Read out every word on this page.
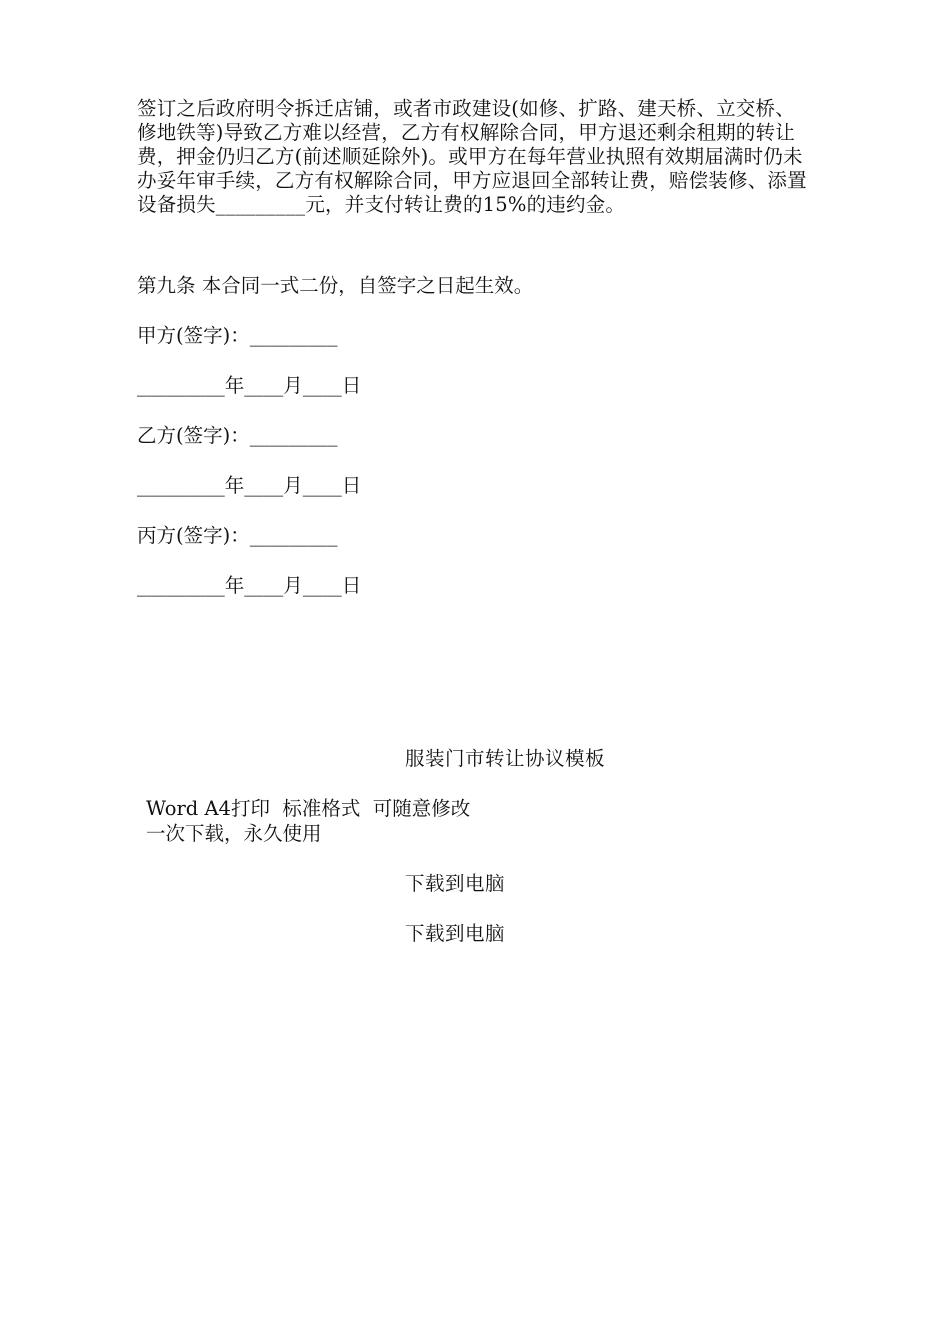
签订之后政府明令拆迁店铺，或者市政建设(如修、扩路、建天桥、立交桥、修地铁等)导致乙方难以经营，乙方有权解除合同，甲方退还剩余租期的转让费，押金仍归乙方(前述顺延除外)。或甲方在每年营业执照有效期届满时仍未办妥年审手续，乙方有权解除合同，甲方应退回全部转让费，赔偿装修、添置设备损失_________元，并支付转让费的15%的违约金。
第九条 本合同一式二份，自签字之日起生效。
甲方(签字)：_________
_________年____月____日
乙方(签字)：_________
_________年____月____日
丙方(签字)：_________
_________年____月____日
服装门市转让协议模板
Word A4打印  标准格式  可随意修改
一次下载，永久使用
下载到电脑
下载到电脑
